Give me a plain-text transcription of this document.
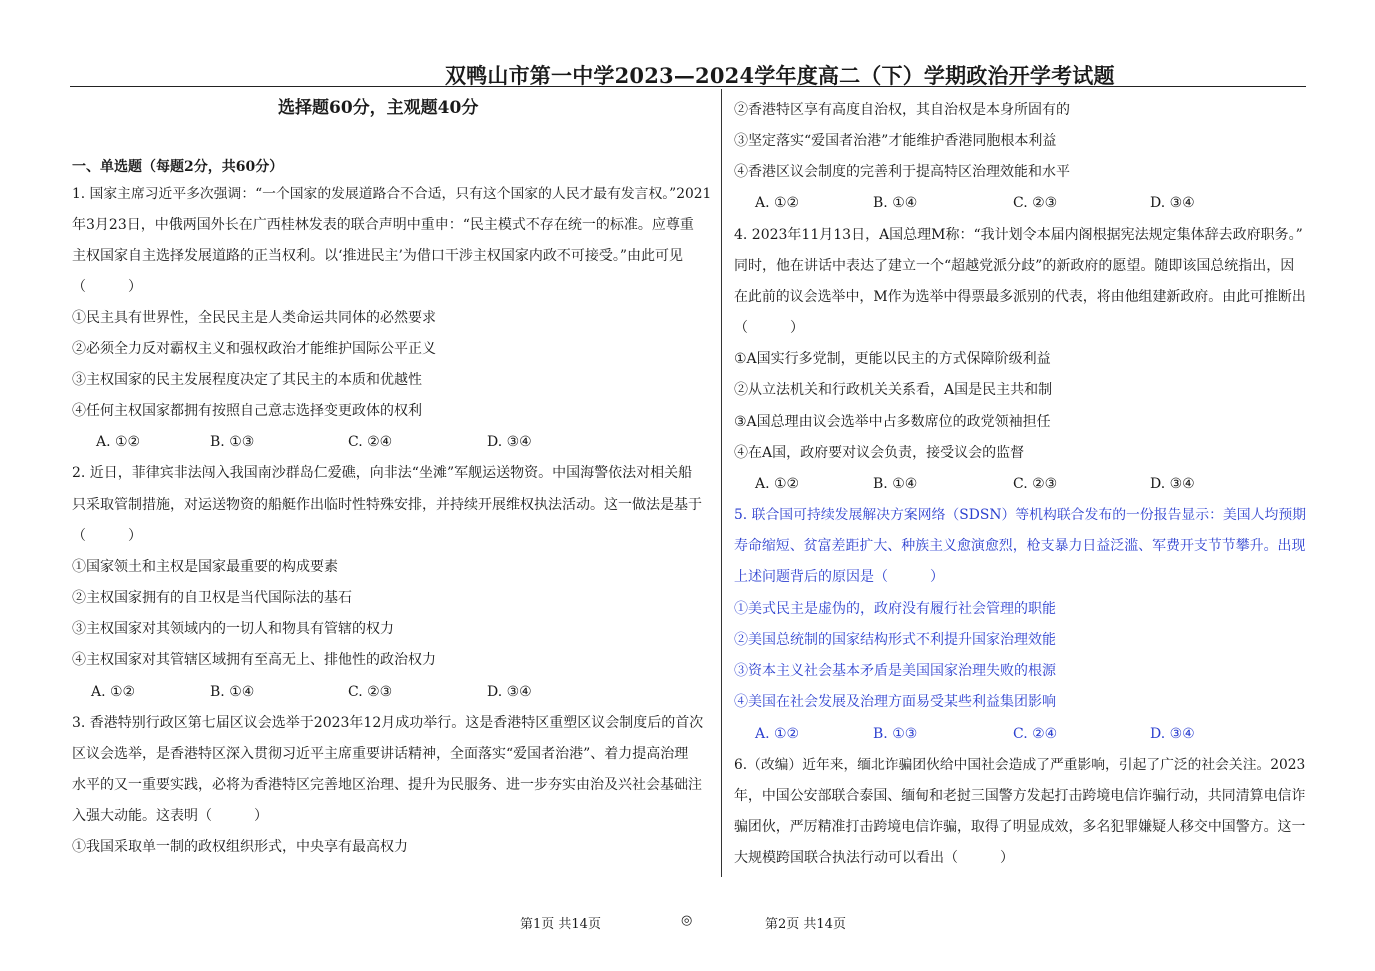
双鸭山市第一中学2023—2024学年度高二（下）学期政治开学考试题
选择题60分，主观题40分
一、单选题（每题2分，共60分）
1. 国家主席习近平多次强调：“一个国家的发展道路合不合适，只有这个国家的人民才最有发言权。”2021
年3月23日，中俄两国外长在广西桂林发表的联合声明中重申：“民主模式不存在统一的标准。应尊重
主权国家自主选择发展道路的正当权利。以‘推进民主’为借口干涉主权国家内政不可接受。”由此可见
（　　　）
①民主具有世界性，全民民主是人类命运共同体的必然要求
②必须全力反对霸权主义和强权政治才能维护国际公平正义
③主权国家的民主发展程度决定了其民主的本质和优越性
④任何主权国家都拥有按照自己意志选择变更政体的权利
A. ①②	B. ①③	C. ②④	D. ③④
2. 近日，菲律宾非法闯入我国南沙群岛仁爱礁，向非法“坐滩”军舰运送物资。中国海警依法对相关船
只采取管制措施，对运送物资的船艇作出临时性特殊安排，并持续开展维权执法活动。这一做法是基于
（　　　）
①国家领土和主权是国家最重要的构成要素
②主权国家拥有的自卫权是当代国际法的基石
③主权国家对其领域内的一切人和物具有管辖的权力
④主权国家对其管辖区域拥有至高无上、排他性的政治权力
A. ①②	B. ①④	C. ②③	D. ③④
3. 香港特别行政区第七届区议会选举于2023年12月成功举行。这是香港特区重塑区议会制度后的首次
区议会选举，是香港特区深入贯彻习近平主席重要讲话精神，全面落实“爱国者治港”、着力提高治理
水平的又一重要实践，必将为香港特区完善地区治理、提升为民服务、进一步夯实由治及兴社会基础注
入强大动能。这表明（　　　）
①我国采取单一制的政权组织形式，中央享有最高权力
②香港特区享有高度自治权，其自治权是本身所固有的
③坚定落实“爱国者治港”才能维护香港同胞根本利益
④香港区议会制度的完善利于提高特区治理效能和水平
A. ①②	B. ①④	C. ②③	D. ③④
4. 2023年11月13日，A国总理M称：“我计划令本届内阁根据宪法规定集体辞去政府职务。”
同时，他在讲话中表达了建立一个“超越党派分歧”的新政府的愿望。随即该国总统指出，因
在此前的议会选举中，M作为选举中得票最多派别的代表，将由他组建新政府。由此可推断出
（　　　）
①A国实行多党制，更能以民主的方式保障阶级利益
②从立法机关和行政机关关系看，A国是民主共和制
③A国总理由议会选举中占多数席位的政党领袖担任
④在A国，政府要对议会负责，接受议会的监督
A. ①②	B. ①④	C. ②③	D. ③④
5. 联合国可持续发展解决方案网络（SDSN）等机构联合发布的一份报告显示：美国人均预期
寿命缩短、贫富差距扩大、种族主义愈演愈烈，枪支暴力日益泛滥、军费开支节节攀升。出现
上述问题背后的原因是（　　　）
①美式民主是虚伪的，政府没有履行社会管理的职能
②美国总统制的国家结构形式不利提升国家治理效能
③资本主义社会基本矛盾是美国国家治理失败的根源
④美国在社会发展及治理方面易受某些利益集团影响
A. ①②	B. ①③	C. ②④	D. ③④
6.（改编）近年来，缅北诈骗团伙给中国社会造成了严重影响，引起了广泛的社会关注。2023
年，中国公安部联合泰国、缅甸和老挝三国警方发起打击跨境电信诈骗行动，共同清算电信诈
骗团伙，严厉精准打击跨境电信诈骗，取得了明显成效，多名犯罪嫌疑人移交中国警方。这一
大规模跨国联合执法行动可以看出（　　　）
第1页 共14页	◎	第2页 共14页
